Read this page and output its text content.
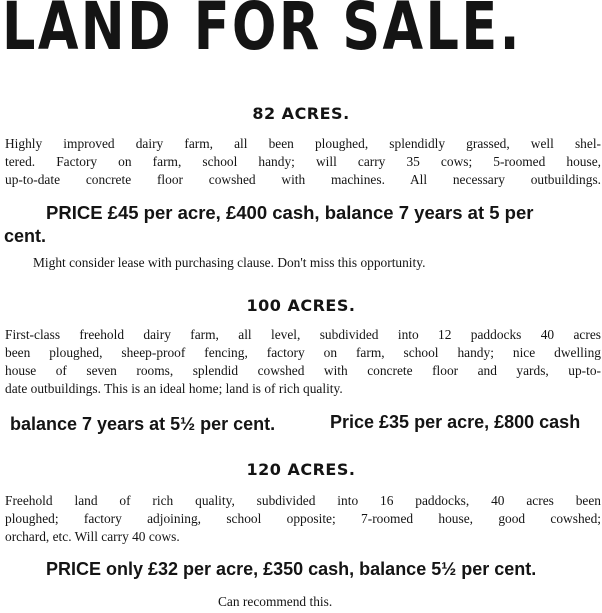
LAND FOR SALE.
82 ACRES.
Highly improved dairy farm, all been ploughed, splendidly grassed, well shel-
tered. Factory on farm, school handy; will carry 35 cows; 5-roomed house,
up-to-date concrete floor cowshed with machines. All necessary outbuildings.
PRICE £45 per acre, £400 cash, balance 7 years at 5 per
cent.
Might consider lease with purchasing clause. Don't miss this opportunity.
100 ACRES.
First-class freehold dairy farm, all level, subdivided into 12 paddocks 40 acres
been ploughed, sheep-proof fencing, factory on farm, school handy; nice dwelling
house of seven rooms, splendid cowshed with concrete floor and yards, up-to-
date outbuildings. This is an ideal home; land is of rich quality.
balance 7 years at 5½ per cent.	Price £35 per acre, £800 cash
120 ACRES.
Freehold land of rich quality, subdivided into 16 paddocks, 40 acres been
ploughed; factory adjoining, school opposite; 7-roomed house, good cowshed;
orchard, etc. Will carry 40 cows.
PRICE only £32 per acre, £350 cash, balance 5½ per cent.
Can recommend this.
